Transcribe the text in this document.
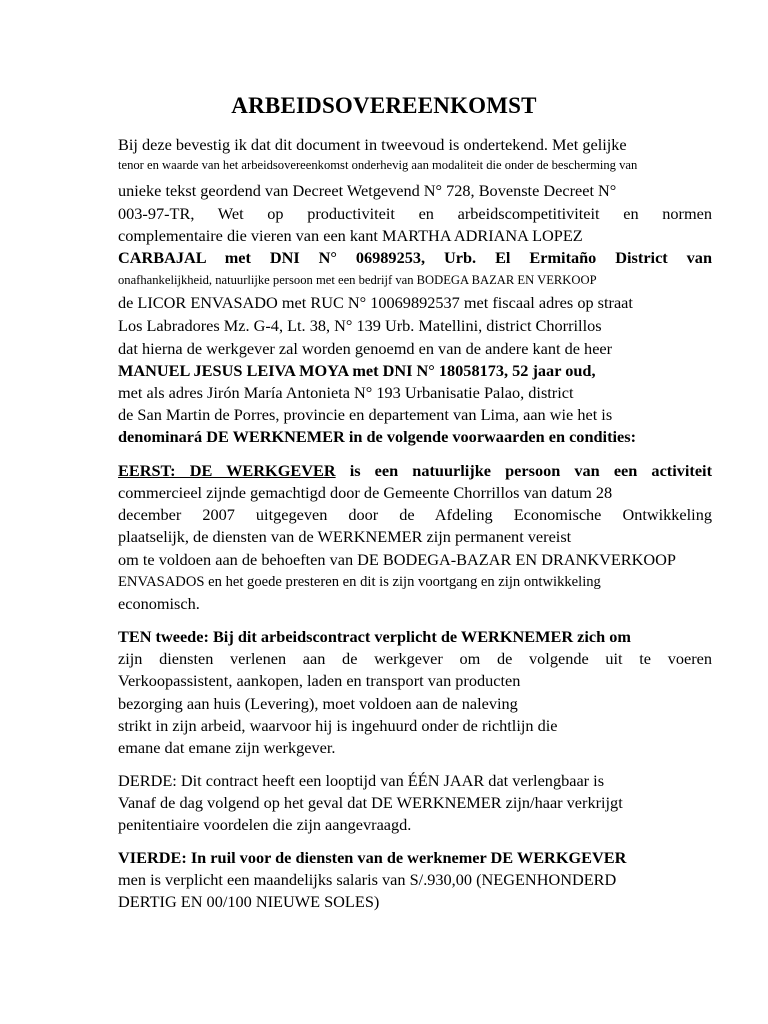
ARBEIDSOVEREENKOMST
Bij deze bevestig ik dat dit document in tweevoud is ondertekend. Met gelijke
tenor en waarde van het arbeidsovereenkomst onderhevig aan modaliteit die onder de bescherming van
unieke tekst geordend van Decreet Wetgevend N° 728, Bovenste Decreet N°
003-97-TR, Wet op productiviteit en arbeidscompetitiviteit en normen
complementaire die vieren van een kant MARTHA ADRIANA LOPEZ
CARBAJAL met DNI N° 06989253, Urb. El Ermitaño District van
onafhankelijkheid, natuurlijke persoon met een bedrijf van BODEGA BAZAR EN VERKOOP
de LICOR ENVASADO met RUC N° 10069892537 met fiscaal adres op straat
Los Labradores Mz. G-4, Lt. 38, N° 139 Urb. Matellini, district Chorrillos
dat hierna de werkgever zal worden genoemd en van de andere kant de heer
MANUEL JESUS LEIVA MOYA met DNI N° 18058173, 52 jaar oud,
met als adres Jirón María Antonieta N° 193 Urbanisatie Palao, district
de San Martin de Porres, provincie en departement van Lima, aan wie het is
denominará DE WERKNEMER in de volgende voorwaarden en condities:
EERST: DE WERKGEVER is een natuurlijke persoon van een activiteit
commercieel zijnde gemachtigd door de Gemeente Chorrillos van datum 28
december 2007 uitgegeven door de Afdeling Economische Ontwikkeling
plaatselijk, de diensten van de WERKNEMER zijn permanent vereist
om te voldoen aan de behoeften van DE BODEGA-BAZAR EN DRANKVERKOOP
ENVASADOS en het goede presteren en dit is zijn voortgang en zijn ontwikkeling
economisch.
TEN tweede: Bij dit arbeidscontract verplicht de WERKNEMER zich om
zijn diensten verlenen aan de werkgever om de volgende uit te voeren
Verkoopassistent, aankopen, laden en transport van producten
bezorging aan huis (Levering), moet voldoen aan de naleving
strikt in zijn arbeid, waarvoor hij is ingehuurd onder de richtlijn die
emane dat emane zijn werkgever.
DERDE: Dit contract heeft een looptijd van ÉÉN JAAR dat verlengbaar is
Vanaf de dag volgend op het geval dat DE WERKNEMER zijn/haar verkrijgt
penitentiaire voordelen die zijn aangevraagd.
VIERDE: In ruil voor de diensten van de werknemer DE WERKGEVER
men is verplicht een maandelijks salaris van S/.930,00 (NEGENHONDERD
DERTIG EN 00/100 NIEUWE SOLES)
